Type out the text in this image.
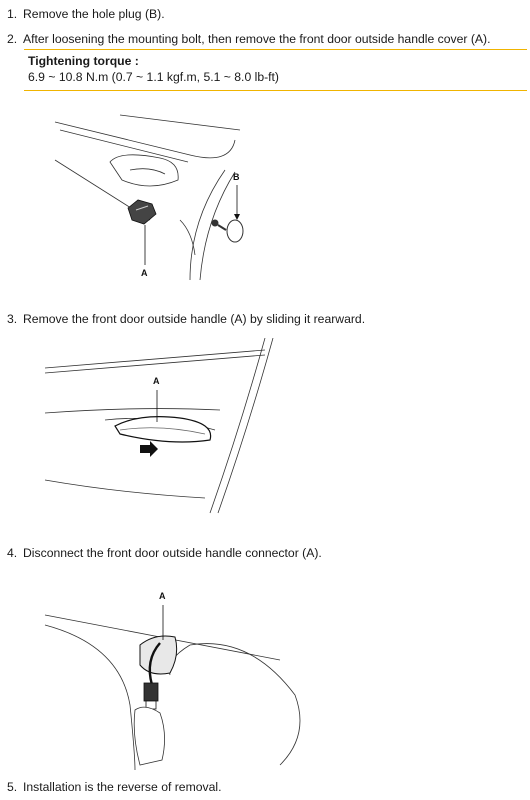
1. Remove the hole plug (B).
2. After loosening the mounting bolt, then remove the front door outside handle cover (A).
Tightening torque :
6.9 ~ 10.8 N.m (0.7 ~ 1.1 kgf.m, 5.1 ~ 8.0 lb-ft)
B
A
3. Remove the front door outside handle (A) by sliding it rearward.
A
4. Disconnect the front door outside handle connector (A).
A
5. Installation is the reverse of removal.
